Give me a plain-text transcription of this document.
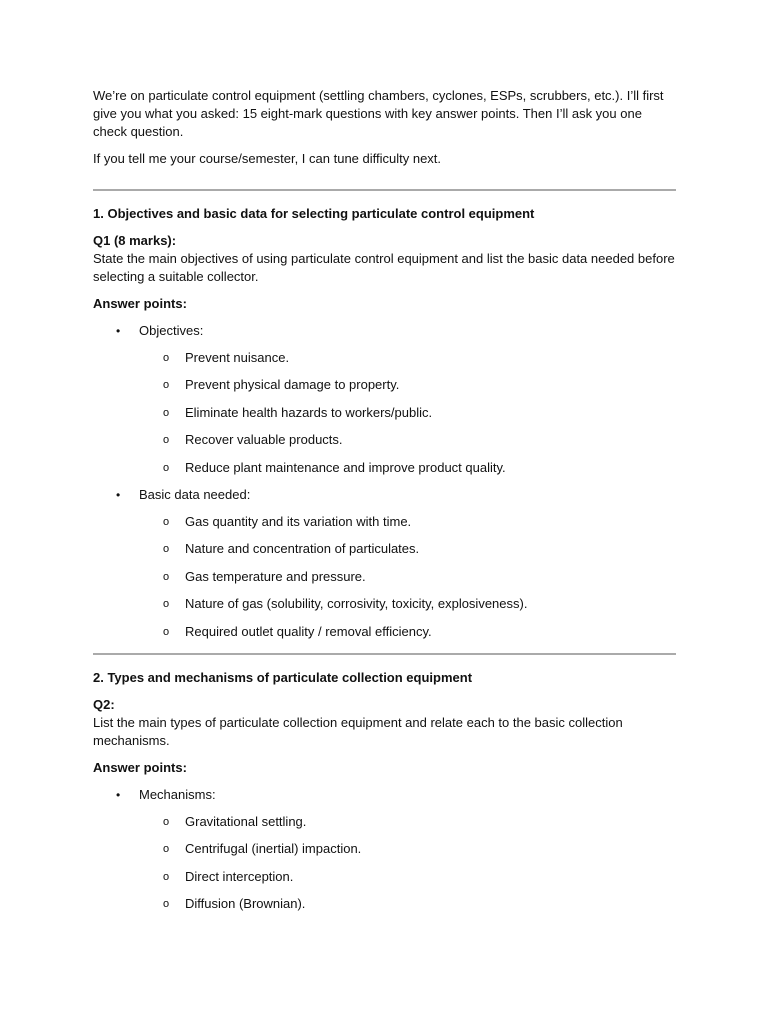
We’re on particulate control equipment (settling chambers, cyclones, ESPs, scrubbers, etc.). I’ll first give you what you asked: 15 eight-mark questions with key answer points. Then I’ll ask you one check question.

If you tell me your course/semester, I can tune difficulty next.

1. Objectives and basic data for selecting particulate control equipment

Q1 (8 marks):

State the main objectives of using particulate control equipment and list the basic data needed before selecting a suitable collector.

Answer points:

•	Objectives:
o Prevent nuisance.
o Prevent physical damage to property.
o Eliminate health hazards to workers/public.
o Recover valuable products.
o Reduce plant maintenance and improve product quality.
•	Basic data needed:
o Gas quantity and its variation with time.
o Nature and concentration of particulates.
o Gas temperature and pressure.
o Nature of gas (solubility, corrosivity, toxicity, explosiveness).
o Required outlet quality / removal efficiency.

2. Types and mechanisms of particulate collection equipment

Q2:

List the main types of particulate collection equipment and relate each to the basic collection mechanisms.

Answer points:

•	Mechanisms:
o Gravitational settling.
o Centrifugal (inertial) impaction.
o Direct interception.
o Diffusion (Brownian).
